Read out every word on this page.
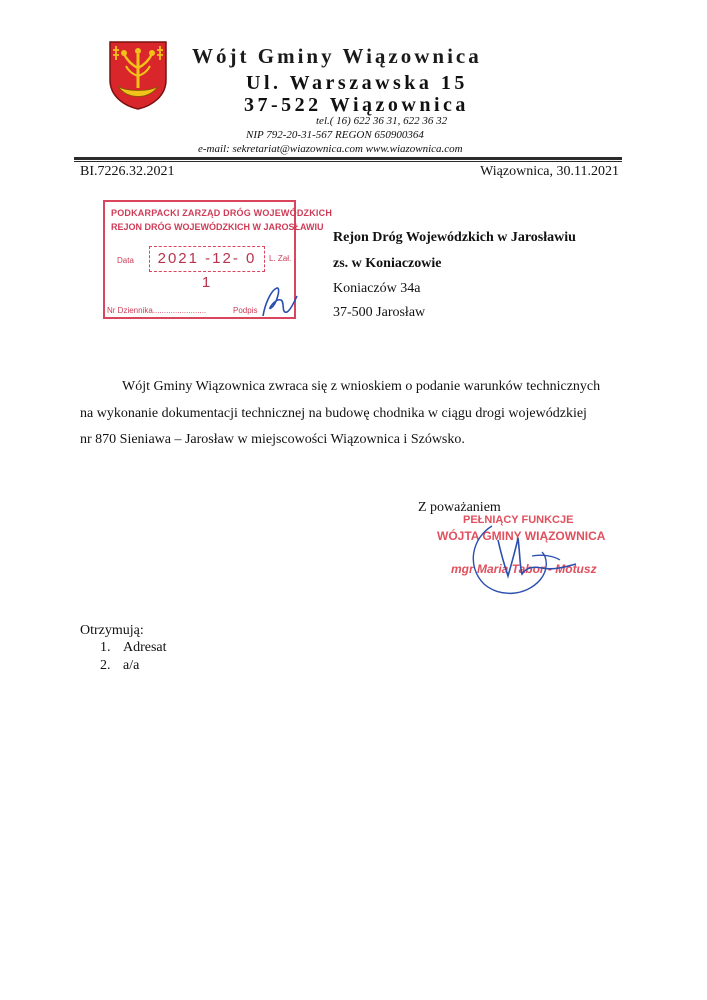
Wójt Gminy Wiązownica
Ul. Warszawska 15
37-522 Wiązownica
tel.( 16) 622 36 31, 622 36 32
NIP 792-20-31-567 REGON 650900364
e-mail: sekretariat@wiazownica.com www.wiazownica.com
BI.7226.32.2021	Wiązownica, 30.11.2021
PODKARPACKI ZARZĄD DRÓG WOJEWÓDZKICH
REJON DRÓG WOJEWÓDZKICH W JAROSŁAWIU
Data	2021 -12- 0 1
L. Zał.
Nr Dziennika........................	Podpis
Rejon Dróg Wojewódzkich w Jarosławiu
zs. w Koniaczowie
Koniaczów 34a
37-500 Jarosław
Wójt Gminy Wiązownica zwraca się z wnioskiem o podanie warunków technicznych
na wykonanie dokumentacji technicznej na budowę chodnika w ciągu drogi wojewódzkiej
nr 870 Sieniawa – Jarosław w miejscowości Wiązownica i Szówsko.
Z poważaniem
PEŁNIĄCY FUNKCJE
WÓJTA GMINY WIĄZOWNICA
mgr Maria Tabor - Motusz
Otrzymują:
1. Adresat
2. a/a
